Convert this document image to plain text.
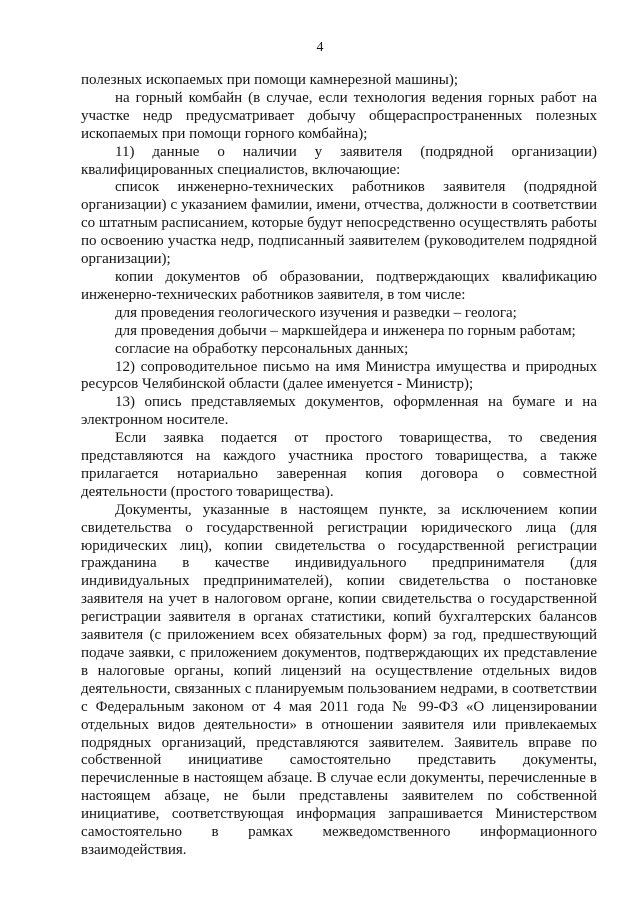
4

полезных ископаемых при помощи камнерезной машины);

на горный комбайн (в случае, если технология ведения горных работ на участке недр предусматривает добычу общераспространенных полезных ископаемых при помощи горного комбайна);

11) данные о наличии у заявителя (подрядной организации) квалифицированных специалистов, включающие:

список инженерно-технических работников заявителя (подрядной организации) с указанием фамилии, имени, отчества, должности в соответствии со штатным расписанием, которые будут непосредственно осуществлять работы по освоению участка недр, подписанный заявителем (руководителем подрядной организации);

копии документов об образовании, подтверждающих квалификацию инженерно-технических работников заявителя, в том числе:

для проведения геологического изучения и разведки – геолога;

для проведения добычи – маркшейдера и инженера по горным работам;

согласие на обработку персональных данных;

12) сопроводительное письмо на имя Министра имущества и природных ресурсов Челябинской области (далее именуется - Министр);

13) опись представляемых документов, оформленная на бумаге и на электронном носителе.

Если заявка подается от простого товарищества, то сведения представляются на каждого участника простого товарищества, а также прилагается нотариально заверенная копия договора о совместной деятельности (простого товарищества).

Документы, указанные в настоящем пункте, за исключением копии свидетельства о государственной регистрации юридического лица (для юридических лиц), копии свидетельства о государственной регистрации гражданина в качестве индивидуального предпринимателя (для индивидуальных предпринимателей), копии свидетельства о постановке заявителя на учет в налоговом органе, копии свидетельства о государственной регистрации заявителя в органах статистики, копий бухгалтерских балансов заявителя (с приложением всех обязательных форм) за год, предшествующий подаче заявки, с приложением документов, подтверждающих их представление в налоговые органы, копий лицензий на осуществление отдельных видов деятельности, связанных с планируемым пользованием недрами, в соответствии с Федеральным законом от 4 мая 2011 года № 99-ФЗ «О лицензировании отдельных видов деятельности» в отношении заявителя или привлекаемых подрядных организаций, представляются заявителем. Заявитель вправе по собственной инициативе самостоятельно представить документы, перечисленные в настоящем абзаце. В случае если документы, перечисленные в настоящем абзаце, не были представлены заявителем по собственной инициативе, соответствующая информация запрашивается Министерством самостоятельно в рамках межведомственного информационного взаимодействия.
